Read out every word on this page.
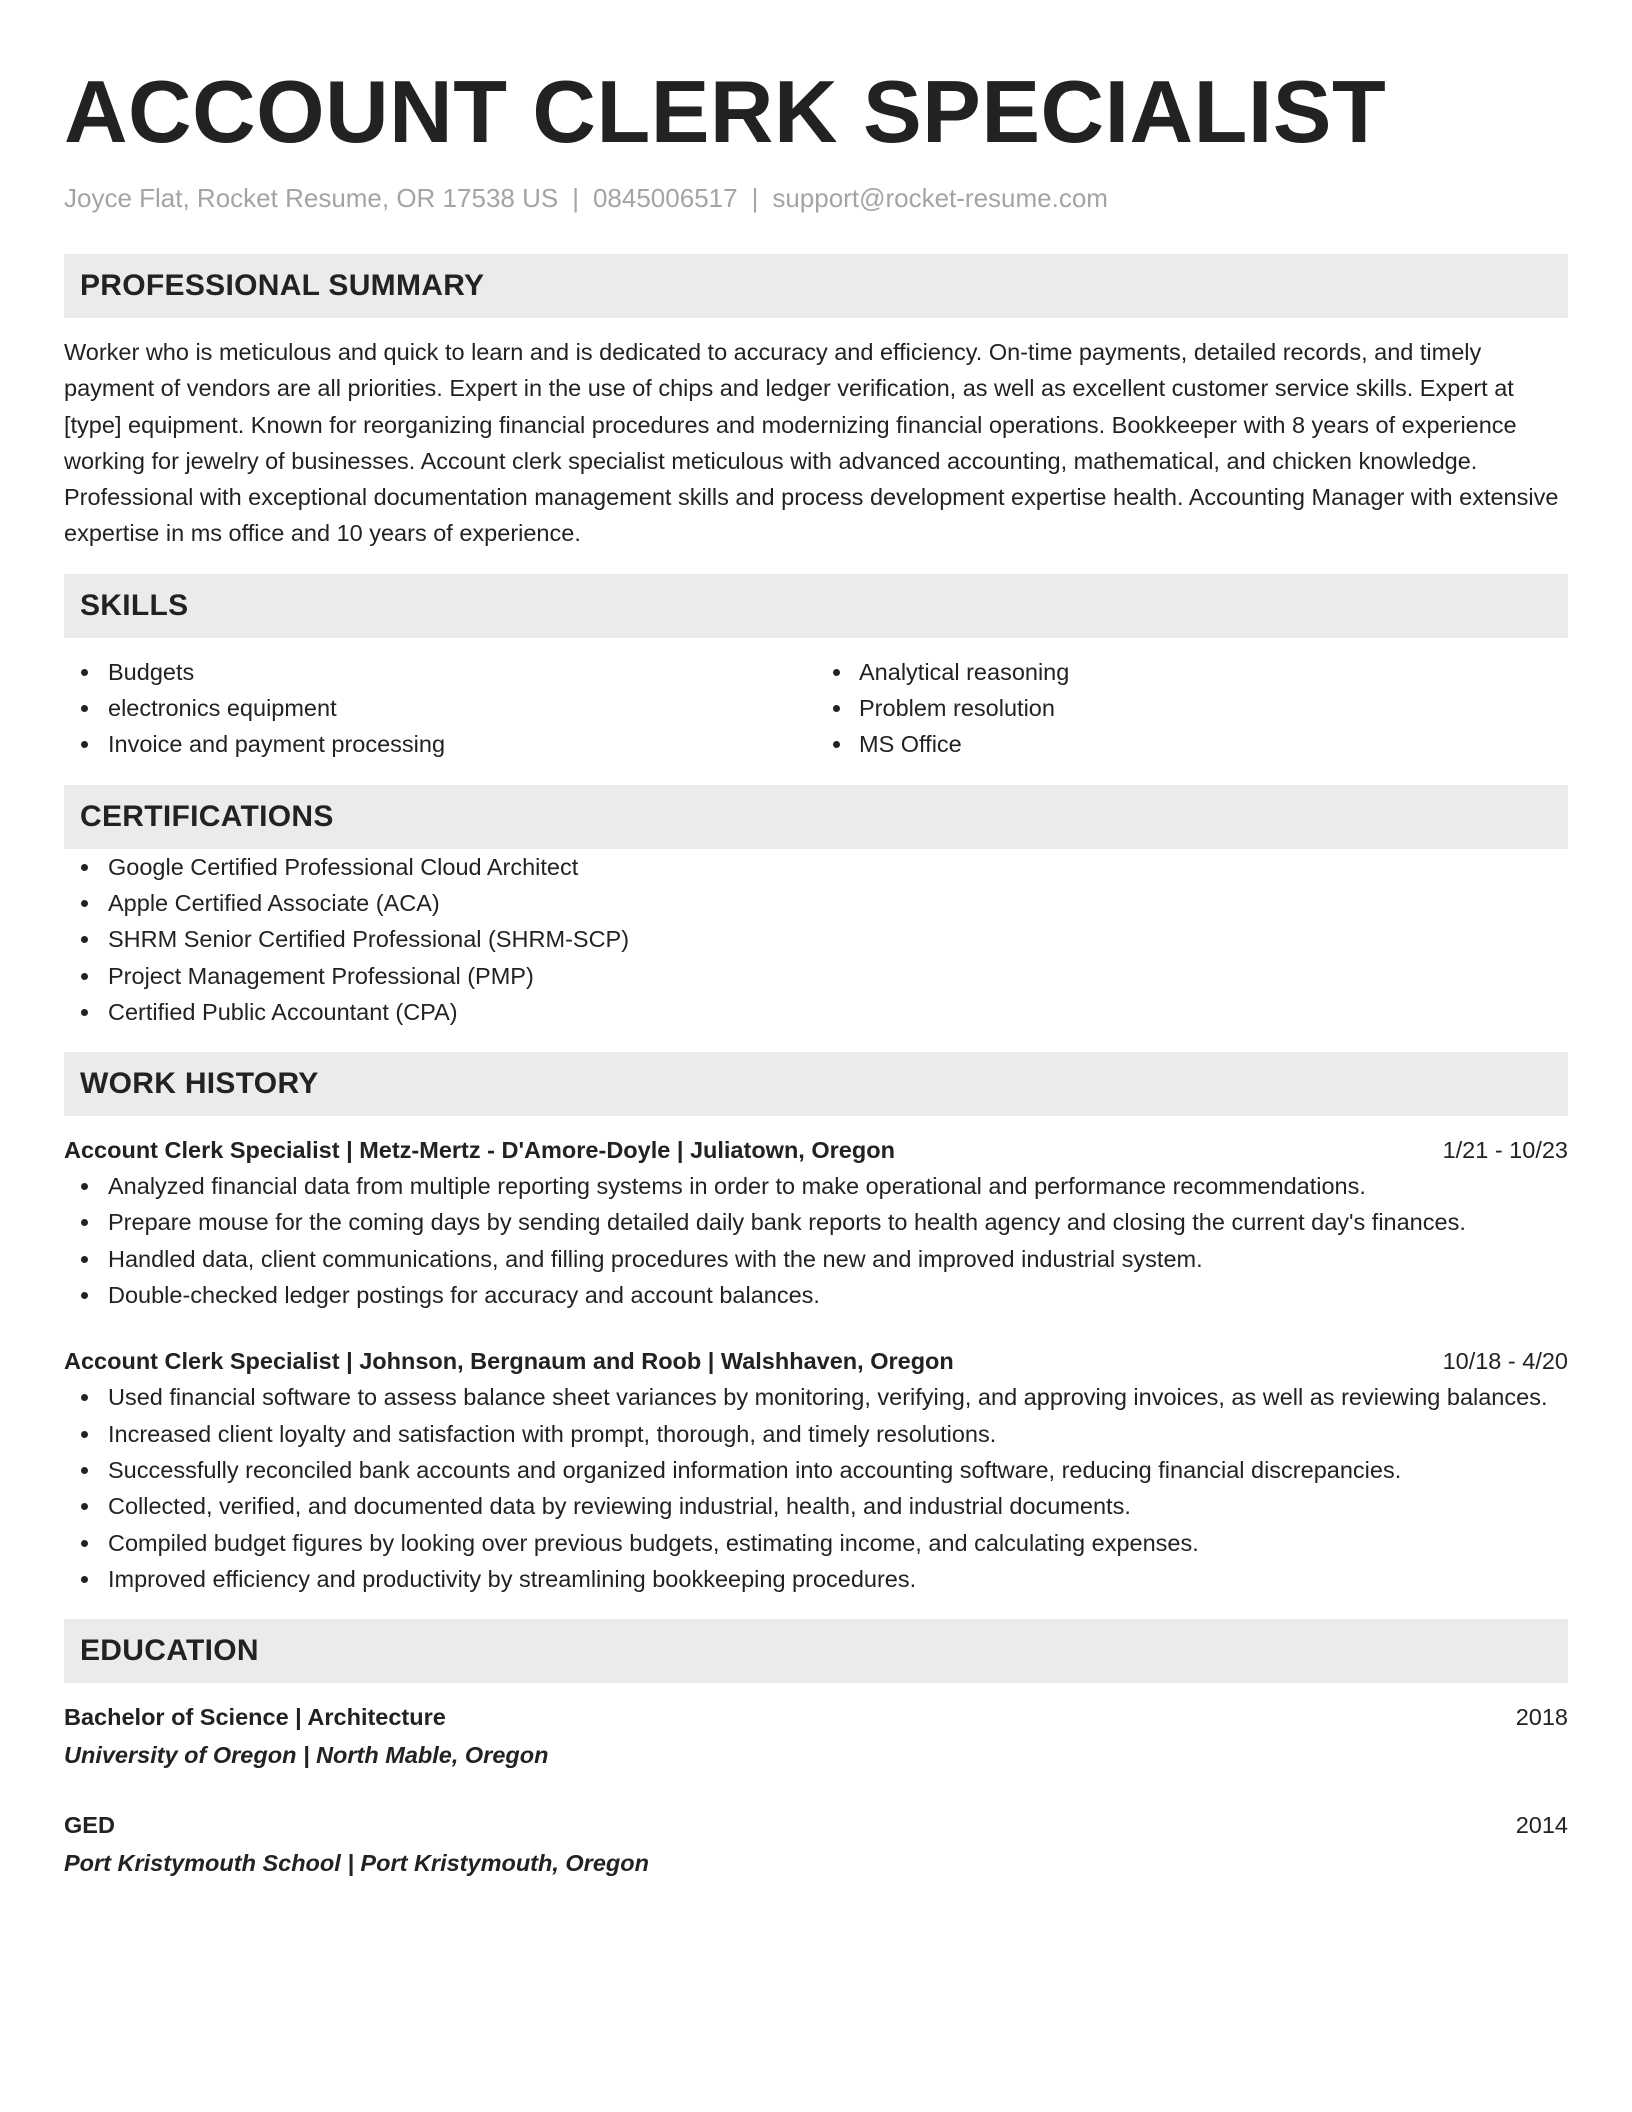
ACCOUNT CLERK SPECIALIST
Joyce Flat, Rocket Resume, OR 17538 US | 0845006517 | support@rocket-resume.com
PROFESSIONAL SUMMARY

Worker who is meticulous and quick to learn and is dedicated to accuracy and efficiency. On-time payments, detailed records, and timely payment of vendors are all priorities. Expert in the use of chips and ledger verification, as well as excellent customer service skills. Expert at [type] equipment. Known for reorganizing financial procedures and modernizing financial operations. Bookkeeper with 8 years of experience working for jewelry of businesses. Account clerk specialist meticulous with advanced accounting, mathematical, and chicken knowledge. Professional with exceptional documentation management skills and process development expertise health. Accounting Manager with extensive expertise in ms office and 10 years of experience.

SKILLS
Budgets
electronics equipment
Invoice and payment processing
Analytical reasoning
Problem resolution
MS Office
CERTIFICATIONS
Google Certified Professional Cloud Architect
Apple Certified Associate (ACA)
SHRM Senior Certified Professional (SHRM-SCP)
Project Management Professional (PMP)
Certified Public Accountant (CPA)
WORK HISTORY
Account Clerk Specialist | Metz-Mertz - D'Amore-Doyle | Juliatown, Oregon	1/21 - 10/23
Analyzed financial data from multiple reporting systems in order to make operational and performance recommendations.
Prepare mouse for the coming days by sending detailed daily bank reports to health agency and closing the current day's finances.
Handled data, client communications, and filling procedures with the new and improved industrial system.
Double-checked ledger postings for accuracy and account balances.
Account Clerk Specialist | Johnson, Bergnaum and Roob | Walshhaven, Oregon	10/18 - 4/20
Used financial software to assess balance sheet variances by monitoring, verifying, and approving invoices, as well as reviewing balances.
Increased client loyalty and satisfaction with prompt, thorough, and timely resolutions.
Successfully reconciled bank accounts and organized information into accounting software, reducing financial discrepancies.
Collected, verified, and documented data by reviewing industrial, health, and industrial documents.
Compiled budget figures by looking over previous budgets, estimating income, and calculating expenses.
Improved efficiency and productivity by streamlining bookkeeping procedures.
EDUCATION
Bachelor of Science | Architecture	2018
University of Oregon | North Mable, Oregon
GED	2014
Port Kristymouth School | Port Kristymouth, Oregon
